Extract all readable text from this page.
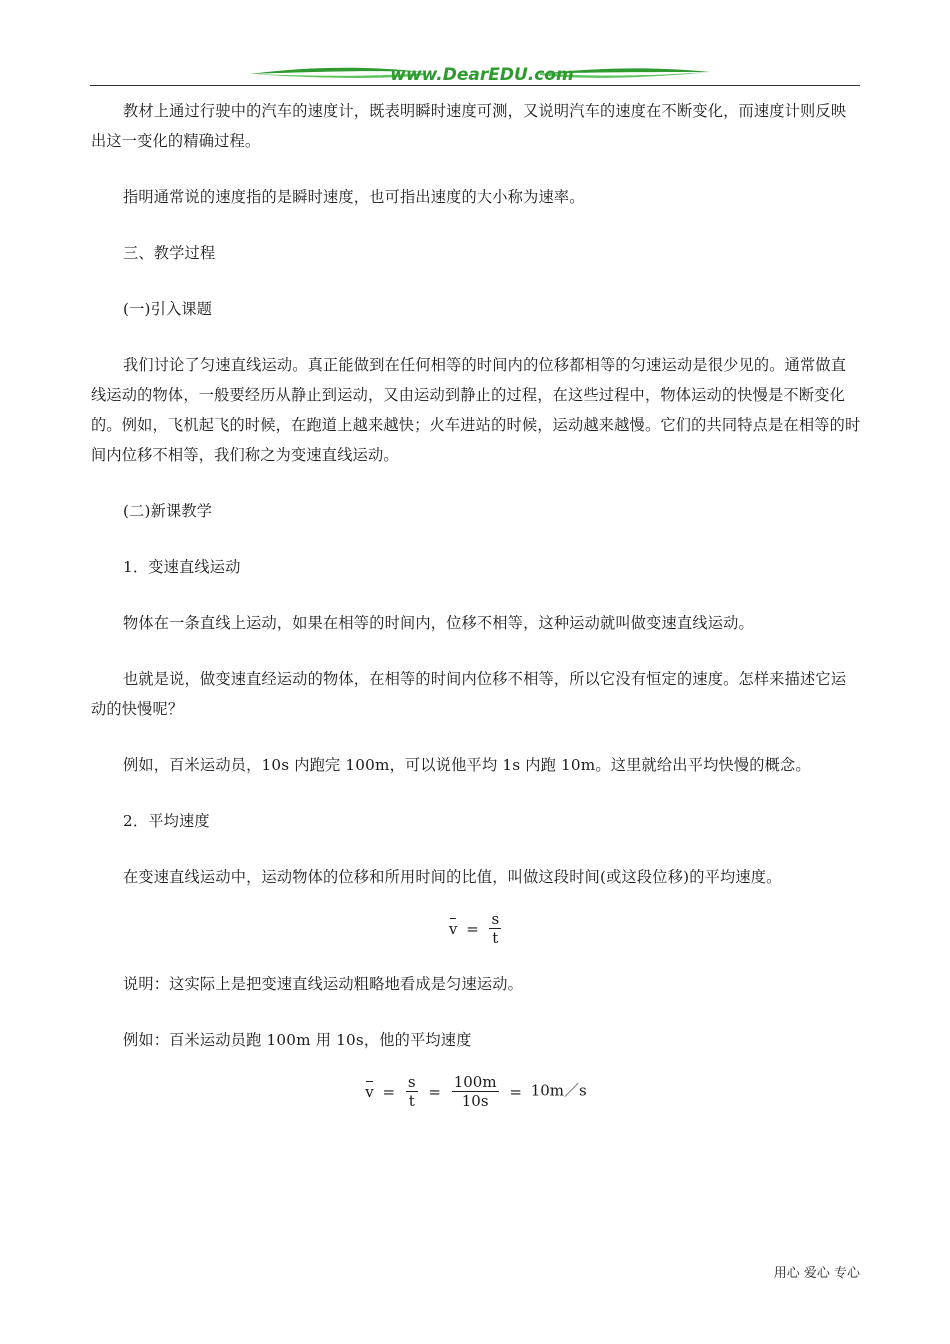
www.DearEDU.com

教材上通过行驶中的汽车的速度计，既表明瞬时速度可测，又说明汽车的速度在不断变化，而速度计则反映出这一变化的精确过程。

指明通常说的速度指的是瞬时速度，也可指出速度的大小称为速率。

三、教学过程

(一)引入课题

我们讨论了匀速直线运动。真正能做到在任何相等的时间内的位移都相等的匀速运动是很少见的。通常做直线运动的物体，一般要经历从静止到运动，又由运动到静止的过程，在这些过程中，物体运动的快慢是不断变化的。例如，飞机起飞的时候，在跑道上越来越快；火车进站的时候，运动越来越慢。它们的共同特点是在相等的时间内位移不相等，我们称之为变速直线运动。

(二)新课教学

1．变速直线运动

物体在一条直线上运动，如果在相等的时间内，位移不相等，这种运动就叫做变速直线运动。

也就是说，做变速直经运动的物体，在相等的时间内位移不相等，所以它没有恒定的速度。怎样来描述它运动的快慢呢？

例如，百米运动员，10s 内跑完 100m，可以说他平均 1s 内跑 10m。这里就给出平均快慢的概念。

2．平均速度

在变速直线运动中，运动物体的位移和所用时间的比值，叫做这段时间(或这段位移)的平均速度。

$v = \frac{s}{t}$

说明：这实际上是把变速直线运动粗略地看成是匀速运动。

例如：百米运动员跑 100m 用 10s，他的平均速度

$v = \frac{s}{t} = \frac{100m}{10s}$ = 10m／s
用心 爱心 专心
